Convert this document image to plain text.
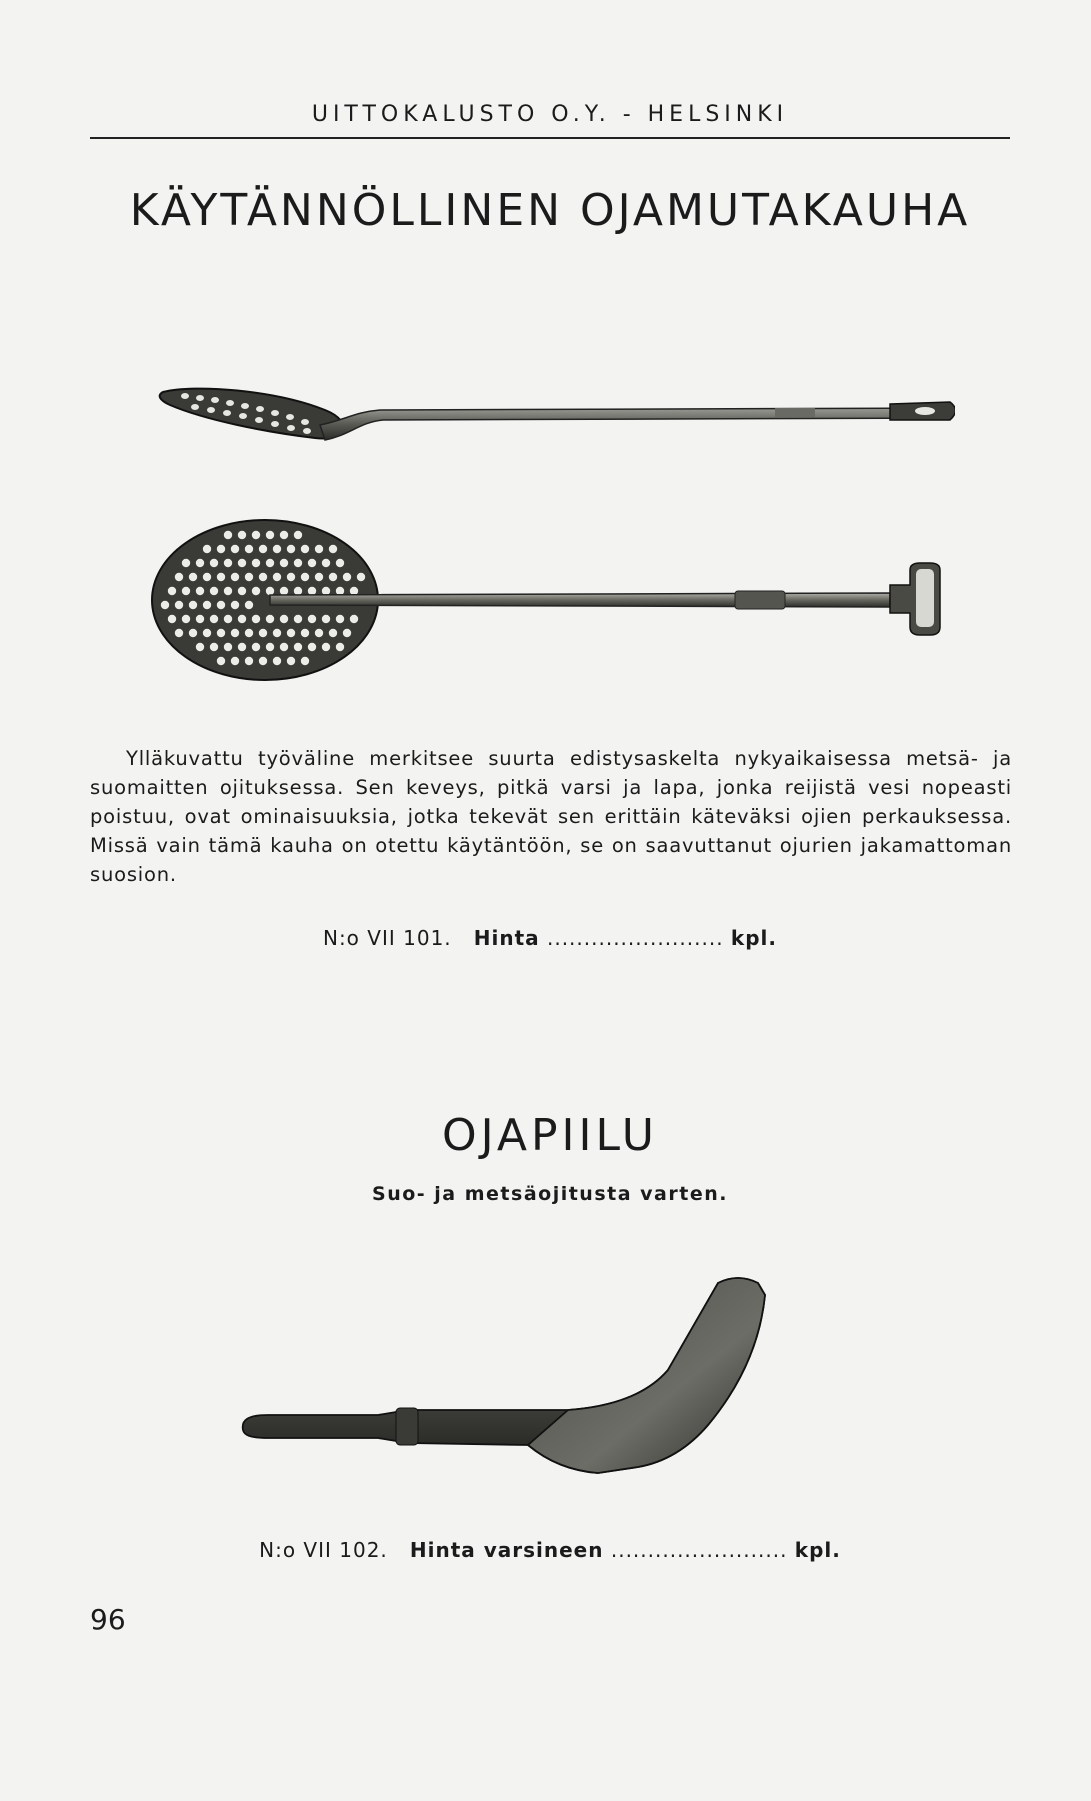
UITTOKALUSTO O.Y. - HELSINKI
KÄYTÄNNÖLLINEN OJAMUTAKAUHA
Ylläkuvattu työväline merkitsee suurta edistysaskelta nykyaikaisessa metsä- ja suomaitten ojituksessa. Sen keveys, pitkä varsi ja lapa, jonka reijistä vesi nopeasti poistuu, ovat ominaisuuksia, jotka tekevät sen erittäin käteväksi ojien perkauksessa. Missä vain tämä kauha on otettu käytäntöön, se on saavuttanut ojurien jakamattoman suosion.
N:o VII 101. Hinta ........................ kpl.
OJAPIILU
Suo- ja metsäojitusta varten.
N:o VII 102. Hinta varsineen ........................ kpl.
96
